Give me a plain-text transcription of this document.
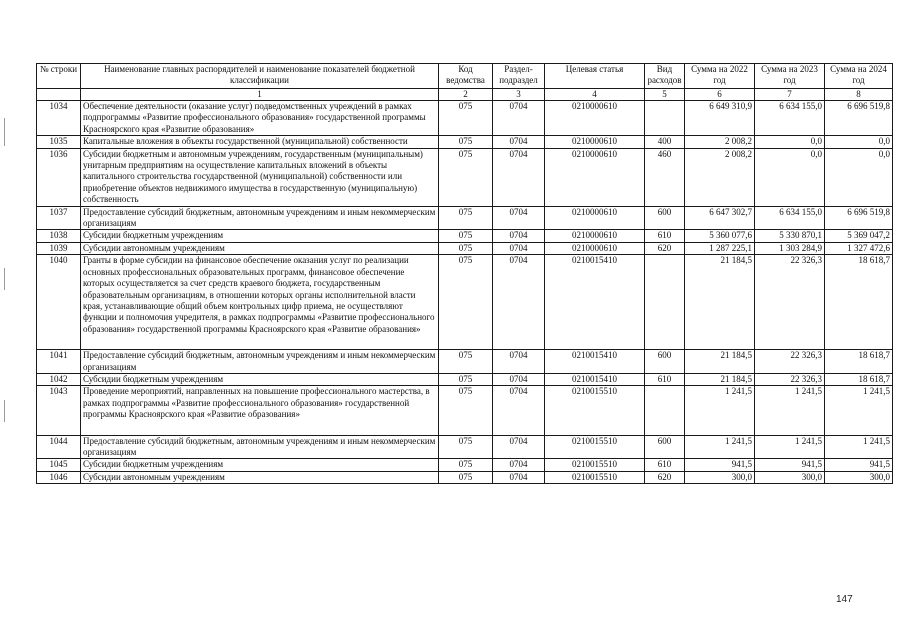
№ строки	Наименование главных распорядителей и наименование показателей бюджетной классификации	Код ведомства	Раздел-подраздел	Целевая статья	Вид расходов	Сумма на 2022 год	Сумма на 2023 год	Сумма на 2024 год
	1	2	3	4	5	6	7	8
1034	Обеспечение деятельности (оказание услуг) подведомственных учреждений в рамках подпрограммы «Развитие профессионального образования» государственной программы Красноярского края «Развитие образования»	075	0704	0210000610		6 649 310,9	6 634 155,0	6 696 519,8
1035	Капитальные вложения в объекты государственной (муниципальной) собственности	075	0704	0210000610	400	2 008,2	0,0	0,0
1036	Субсидии бюджетным и автономным учреждениям, государственным (муниципальным) унитарным предприятиям на осуществление капитальных вложений в объекты капитального строительства государственной (муниципальной) собственности или приобретение объектов недвижимого имущества в государственную (муниципальную) собственность	075	0704	0210000610	460	2 008,2	0,0	0,0
1037	Предоставление субсидий бюджетным, автономным учреждениям и иным некоммерческим организациям	075	0704	0210000610	600	6 647 302,7	6 634 155,0	6 696 519,8
1038	Субсидии бюджетным учреждениям	075	0704	0210000610	610	5 360 077,6	5 330 870,1	5 369 047,2
1039	Субсидии автономным учреждениям	075	0704	0210000610	620	1 287 225,1	1 303 284,9	1 327 472,6
1040	Гранты в форме субсидии на финансовое обеспечение оказания услуг по реализации основных профессиональных образовательных программ, финансовое обеспечение которых осуществляется за счет средств краевого бюджета, государственным образовательным организациям, в отношении которых органы исполнительной власти края, устанавливающие общий объем контрольных цифр приема, не осуществляют функции и полномочия учредителя, в рамках подпрограммы «Развитие профессионального образования» государственной программы Красноярского края «Развитие образования»	075	0704	0210015410		21 184,5	22 326,3	18 618,7
1041	Предоставление субсидий бюджетным, автономным учреждениям и иным некоммерческим организациям	075	0704	0210015410	600	21 184,5	22 326,3	18 618,7
1042	Субсидии бюджетным учреждениям	075	0704	0210015410	610	21 184,5	22 326,3	18 618,7
1043	Проведение мероприятий, направленных на повышение профессионального мастерства, в рамках подпрограммы «Развитие профессионального образования» государственной программы Красноярского края «Развитие образования»	075	0704	0210015510		1 241,5	1 241,5	1 241,5
1044	Предоставление субсидий бюджетным, автономным учреждениям и иным некоммерческим организациям	075	0704	0210015510	600	1 241,5	1 241,5	1 241,5
1045	Субсидии бюджетным учреждениям	075	0704	0210015510	610	941,5	941,5	941,5
1046	Субсидии автономным учреждениям	075	0704	0210015510	620	300,0	300,0	300,0
147
